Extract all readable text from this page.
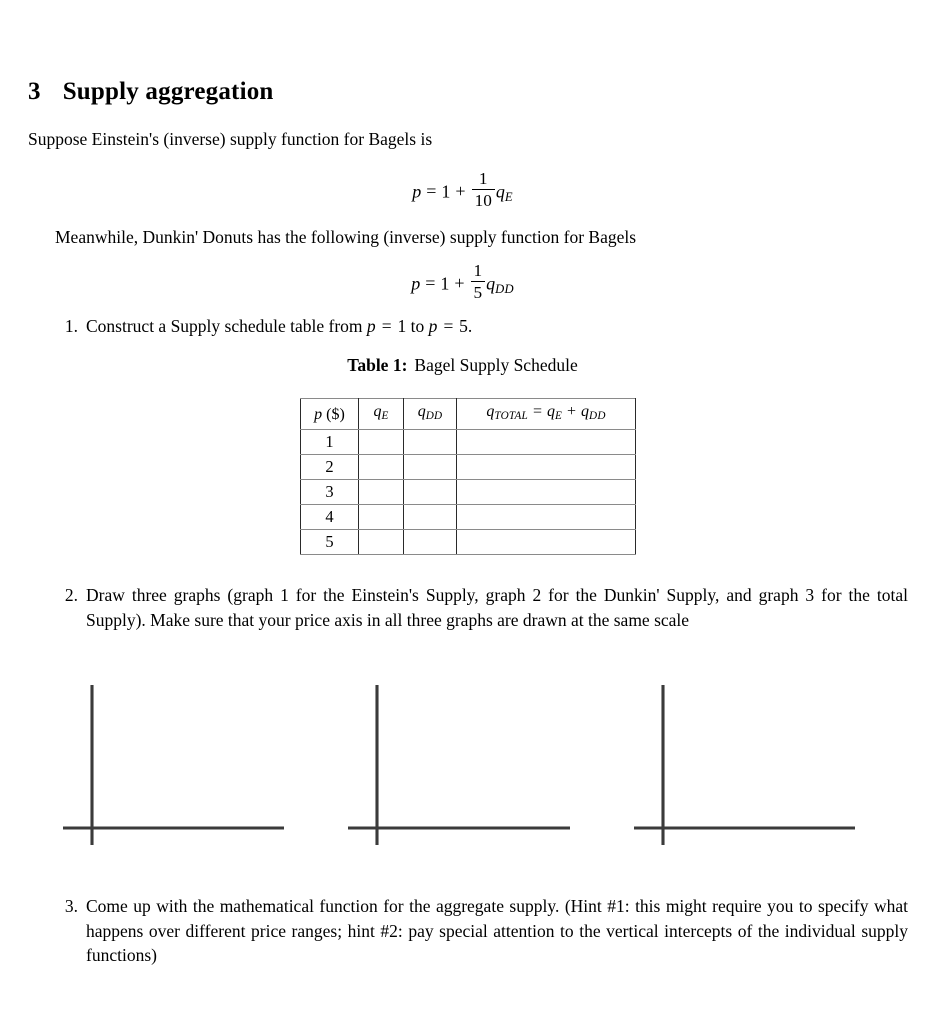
3 Supply aggregation
Suppose Einstein's (inverse) supply function for Bagels is
$p = 1 + \frac{1}{10} q_E$
Meanwhile, Dunkin' Donuts has the following (inverse) supply function for Bagels
$p = 1 + \frac{1}{5} q_{DD}$
1. Construct a Supply schedule table from p = 1 to p = 5.
Table 1: Bagel Supply Schedule
p ($)	$q_E$	$q_{DD}$	$q_{TOTAL} = q_E + q_{DD}$
1			
2			
3			
4			
5			
2. Draw three graphs (graph 1 for the Einstein's Supply, graph 2 for the Dunkin' Supply, and graph 3 for the total Supply). Make sure that your price axis in all three graphs are drawn at the same scale
3. Come up with the mathematical function for the aggregate supply. (Hint #1: this might require you to specify what happens over different price ranges; hint #2: pay special attention to the vertical intercepts of the individual supply functions)
